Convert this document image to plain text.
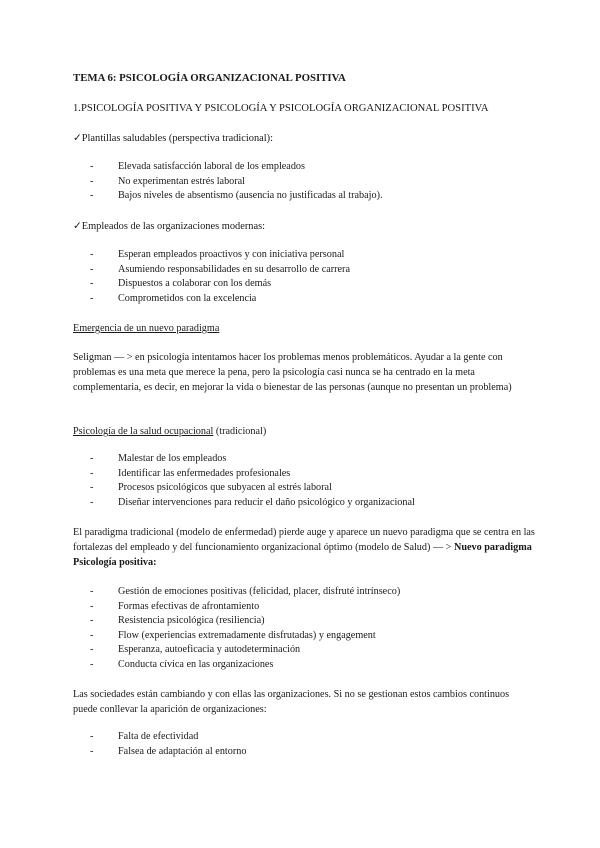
TEMA 6: PSICOLOGÍA ORGANIZACIONAL POSITIVA

1.PSICOLOGÍA POSITIVA Y PSICOLOGÍA Y PSICOLOGÍA ORGANIZACIONAL POSITIVA

✓Plantillas saludables (perspectiva tradicional):

- Elevada satisfacción laboral de los empleados
- No experimentan estrés laboral
- Bajos niveles de absentismo (ausencia no justificadas al trabajo).

✓Empleados de las organizaciones modernas:

- Esperan empleados proactivos y con iniciativa personal
- Asumiendo responsabilidades en su desarrollo de carrera
- Dispuestos a colaborar con los demás
- Comprometidos con la excelencia

Emergencia de un nuevo paradigma

Seligman — > en psicología intentamos hacer los problemas menos problemáticos. Ayudar a la gente con problemas es una meta que merece la pena, pero la psicología casi nunca se ha centrado en la meta complementaria, es decir, en mejorar la vida o bienestar de las personas (aunque no presentan un problema)

Psicología de la salud ocupacional (tradicional)

- Malestar de los empleados
- Identificar las enfermedades profesionales
- Procesos psicológicos que subyacen al estrés laboral
- Diseñar intervenciones para reducir el daño psicológico y organizacional

El paradigma tradicional (modelo de enfermedad) pierde auge y aparece un nuevo paradigma que se centra en las fortalezas del empleado y del funcionamiento organizacional óptimo (modelo de Salud) — > Nuevo paradigma Psicología positiva:

- Gestión de emociones positivas (felicidad, placer, disfruté intrínseco)
- Formas efectivas de afrontamiento
- Resistencia psicológica (resiliencia)
- Flow (experiencias extremadamente disfrutadas) y engagement
- Esperanza, autoeficacia y autodeterminación
- Conducta cívica en las organizaciones

Las sociedades están cambiando y con ellas las organizaciones. Si no se gestionan estos cambios continuos puede conllevar la aparición de organizaciones:

- Falta de efectividad
- Falsea de adaptación al entorno
